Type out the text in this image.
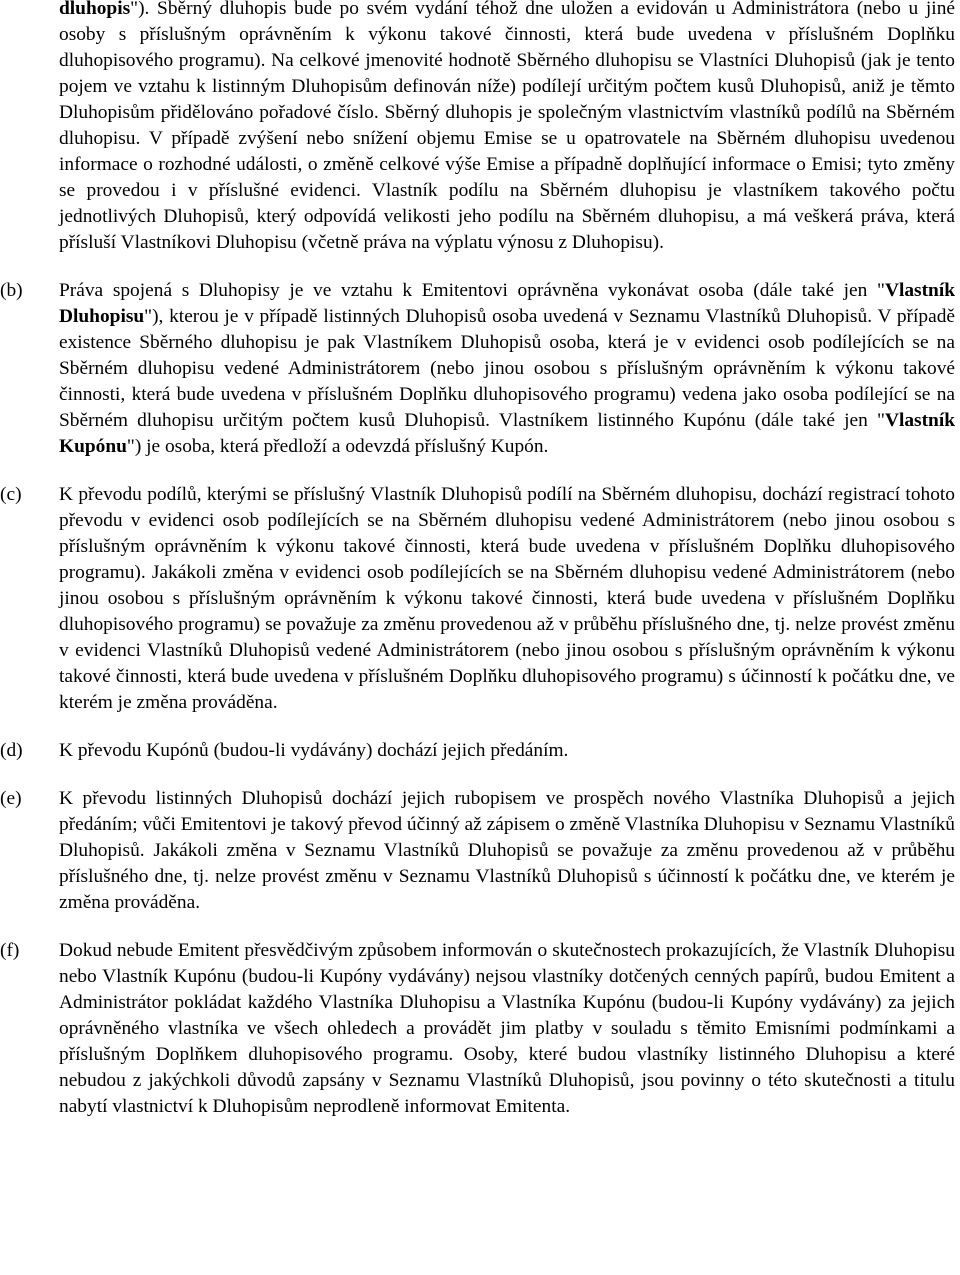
dluhopis"). Sběrný dluhopis bude po svém vydání téhož dne uložen a evidován u Administrátora (nebo u jiné osoby s příslušným oprávněním k výkonu takové činnosti, která bude uvedena v příslušném Doplňku dluhopisového programu). Na celkové jmenovité hodnotě Sběrného dluhopisu se Vlastníci Dluhopisů (jak je tento pojem ve vztahu k listinným Dluhopisům definován níže) podílejí určitým počtem kusů Dluhopisů, aniž je těmto Dluhopisům přidělováno pořadové číslo. Sběrný dluhopis je společným vlastnictvím vlastníků podílů na Sběrném dluhopisu. V případě zvýšení nebo snížení objemu Emise se u opatrovatele na Sběrném dluhopisu uvedenou informace o rozhodné události, o změně celkové výše Emise a případně doplňující informace o Emisi; tyto změny se provedou i v příslušné evidenci. Vlastník podílu na Sběrném dluhopisu je vlastníkem takového počtu jednotlivých Dluhopisů, který odpovídá velikosti jeho podílu na Sběrném dluhopisu, a má veškerá práva, která přísluší Vlastníkovi Dluhopisu (včetně práva na výplatu výnosu z Dluhopisu).

(b)	Práva spojená s Dluhopisy je ve vztahu k Emitentovi oprávněna vykonávat osoba (dále také jen "Vlastník Dluhopisu"), kterou je v případě listinných Dluhopisů osoba uvedená v Seznamu Vlastníků Dluhopisů. V případě existence Sběrného dluhopisu je pak Vlastníkem Dluhopisů osoba, která je v evidenci osob podílejících se na Sběrném dluhopisu vedené Administrátorem (nebo jinou osobou s příslušným oprávněním k výkonu takové činnosti, která bude uvedena v příslušném Doplňku dluhopisového programu) vedena jako osoba podílející se na Sběrném dluhopisu určitým počtem kusů Dluhopisů. Vlastníkem listinného Kupónu (dále také jen "Vlastník Kupónu") je osoba, která předloží a odevzdá příslušný Kupón.
(c)	K převodu podílů, kterými se příslušný Vlastník Dluhopisů podílí na Sběrném dluhopisu, dochází registrací tohoto převodu v evidenci osob podílejících se na Sběrném dluhopisu vedené Administrátorem (nebo jinou osobou s příslušným oprávněním k výkonu takové činnosti, která bude uvedena v příslušném Doplňku dluhopisového programu). Jakákoli změna v evidenci osob podílejících se na Sběrném dluhopisu vedené Administrátorem (nebo jinou osobou s příslušným oprávněním k výkonu takové činnosti, která bude uvedena v příslušném Doplňku dluhopisového programu) se považuje za změnu provedenou až v průběhu příslušného dne, tj. nelze provést změnu v evidenci Vlastníků Dluhopisů vedené Administrátorem (nebo jinou osobou s příslušným oprávněním k výkonu takové činnosti, která bude uvedena v příslušném Doplňku dluhopisového programu) s účinností k počátku dne, ve kterém je změna prováděna.
(d)	K převodu Kupónů (budou-li vydávány) dochází jejich předáním.
(e)	K převodu listinných Dluhopisů dochází jejich rubopisem ve prospěch nového Vlastníka Dluhopisů a jejich předáním; vůči Emitentovi je takový převod účinný až zápisem o změně Vlastníka Dluhopisu v Seznamu Vlastníků Dluhopisů. Jakákoli změna v Seznamu Vlastníků Dluhopisů se považuje za změnu provedenou až v průběhu příslušného dne, tj. nelze provést změnu v Seznamu Vlastníků Dluhopisů s účinností k počátku dne, ve kterém je změna prováděna.
(f)	Dokud nebude Emitent přesvědčivým způsobem informován o skutečnostech prokazujících, že Vlastník Dluhopisu nebo Vlastník Kupónu (budou-li Kupóny vydávány) nejsou vlastníky dotčených cenných papírů, budou Emitent a Administrátor pokládat každého Vlastníka Dluhopisu a Vlastníka Kupónu (budou-li Kupóny vydávány) za jejich oprávněného vlastníka ve všech ohledech a provádět jim platby v souladu s těmito Emisními podmínkami a příslušným Doplňkem dluhopisového programu. Osoby, které budou vlastníky listinného Dluhopisu a které nebudou z jakýchkoli důvodů zapsány v Seznamu Vlastníků Dluhopisů, jsou povinny o této skutečnosti a titulu nabytí vlastnictví k Dluhopisům neprodleně informovat Emitenta.
